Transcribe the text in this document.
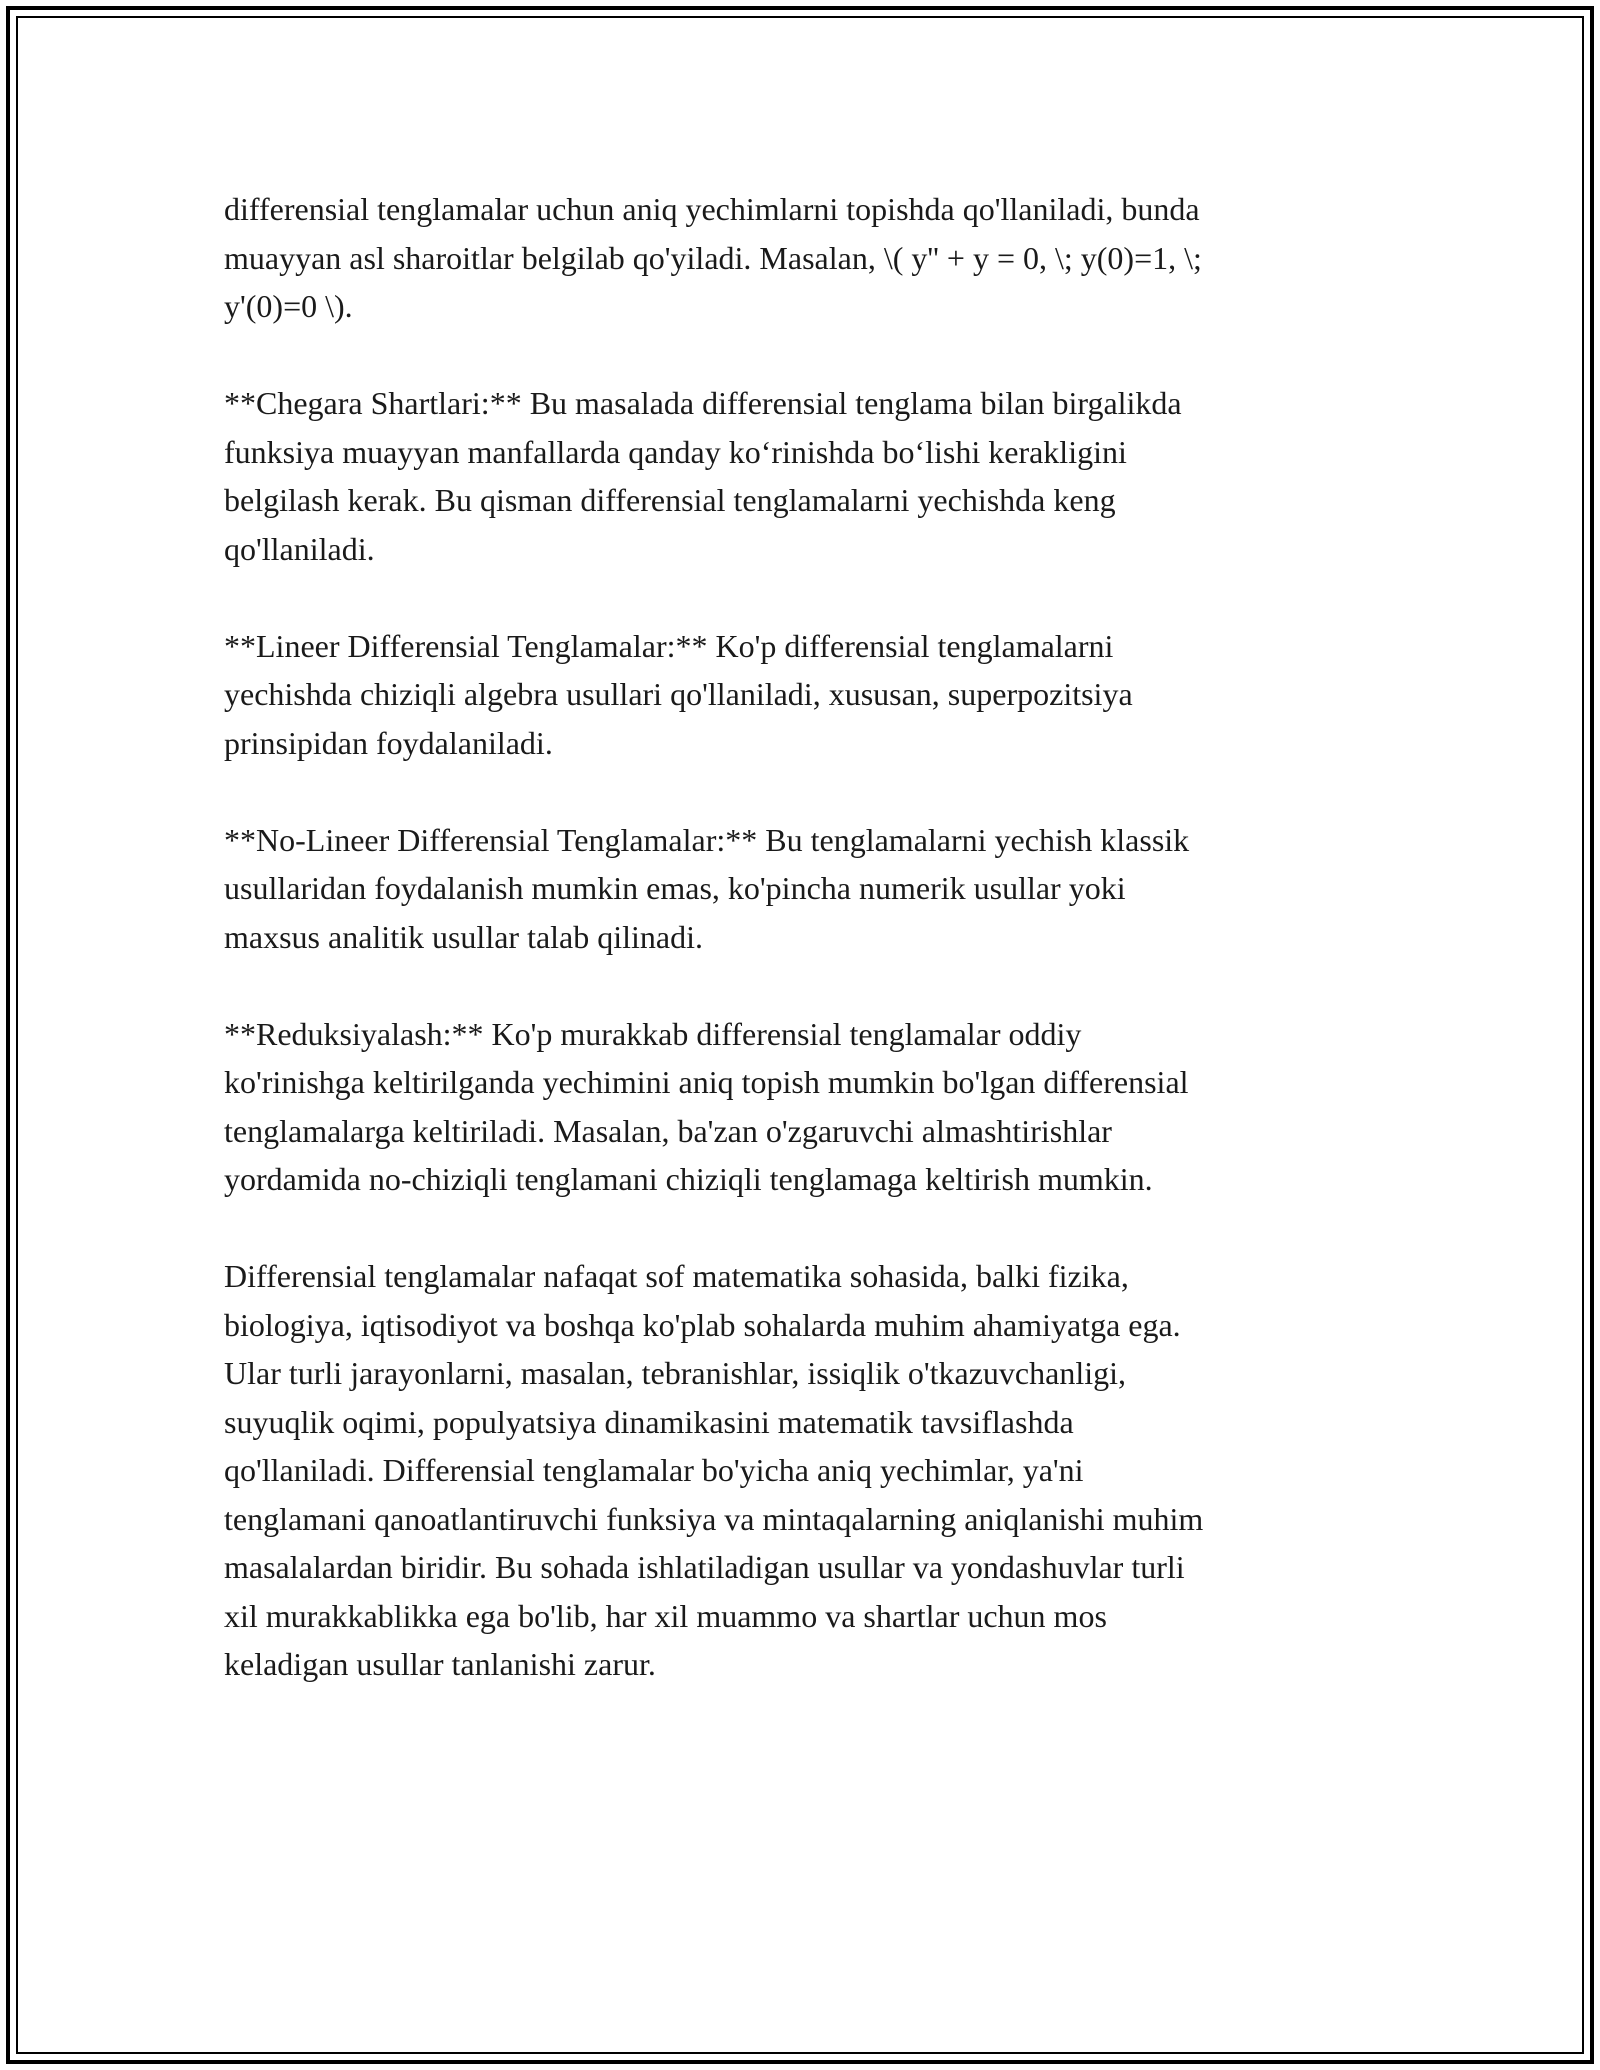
differensial tenglamalar uchun aniq yechimlarni topishda qo'llaniladi, bunda
muayyan asl sharoitlar belgilab qo'yiladi. Masalan, \( y'' + y = 0, \; y(0)=1, \;
y'(0)=0 \).

**Chegara Shartlari:** Bu masalada differensial tenglama bilan birgalikda
funksiya muayyan manfallarda qanday ko‘rinishda bo‘lishi kerakligini
belgilash kerak. Bu qisman differensial tenglamalarni yechishda keng
qo'llaniladi.

**Lineer Differensial Tenglamalar:** Ko'p differensial tenglamalarni
yechishda chiziqli algebra usullari qo'llaniladi, xususan, superpozitsiya
prinsipidan foydalaniladi.

**No-Lineer Differensial Tenglamalar:** Bu tenglamalarni yechish klassik
usullaridan foydalanish mumkin emas, ko'pincha numerik usullar yoki
maxsus analitik usullar talab qilinadi.

**Reduksiyalash:** Ko'p murakkab differensial tenglamalar oddiy
ko'rinishga keltirilganda yechimini aniq topish mumkin bo'lgan differensial
tenglamalarga keltiriladi. Masalan, ba'zan o'zgaruvchi almashtirishlar
yordamida no-chiziqli tenglamani chiziqli tenglamaga keltirish mumkin.

Differensial tenglamalar nafaqat sof matematika sohasida, balki fizika,
biologiya, iqtisodiyot va boshqa ko'plab sohalarda muhim ahamiyatga ega.
Ular turli jarayonlarni, masalan, tebranishlar, issiqlik o'tkazuvchanligi,
suyuqlik oqimi, populyatsiya dinamikasini matematik tavsiflashda
qo'llaniladi. Differensial tenglamalar bo'yicha aniq yechimlar, ya'ni
tenglamani qanoatlantiruvchi funksiya va mintaqalarning aniqlanishi muhim
masalalardan biridir. Bu sohada ishlatiladigan usullar va yondashuvlar turli
xil murakkablikka ega bo'lib, har xil muammo va shartlar uchun mos
keladigan usullar tanlanishi zarur.
